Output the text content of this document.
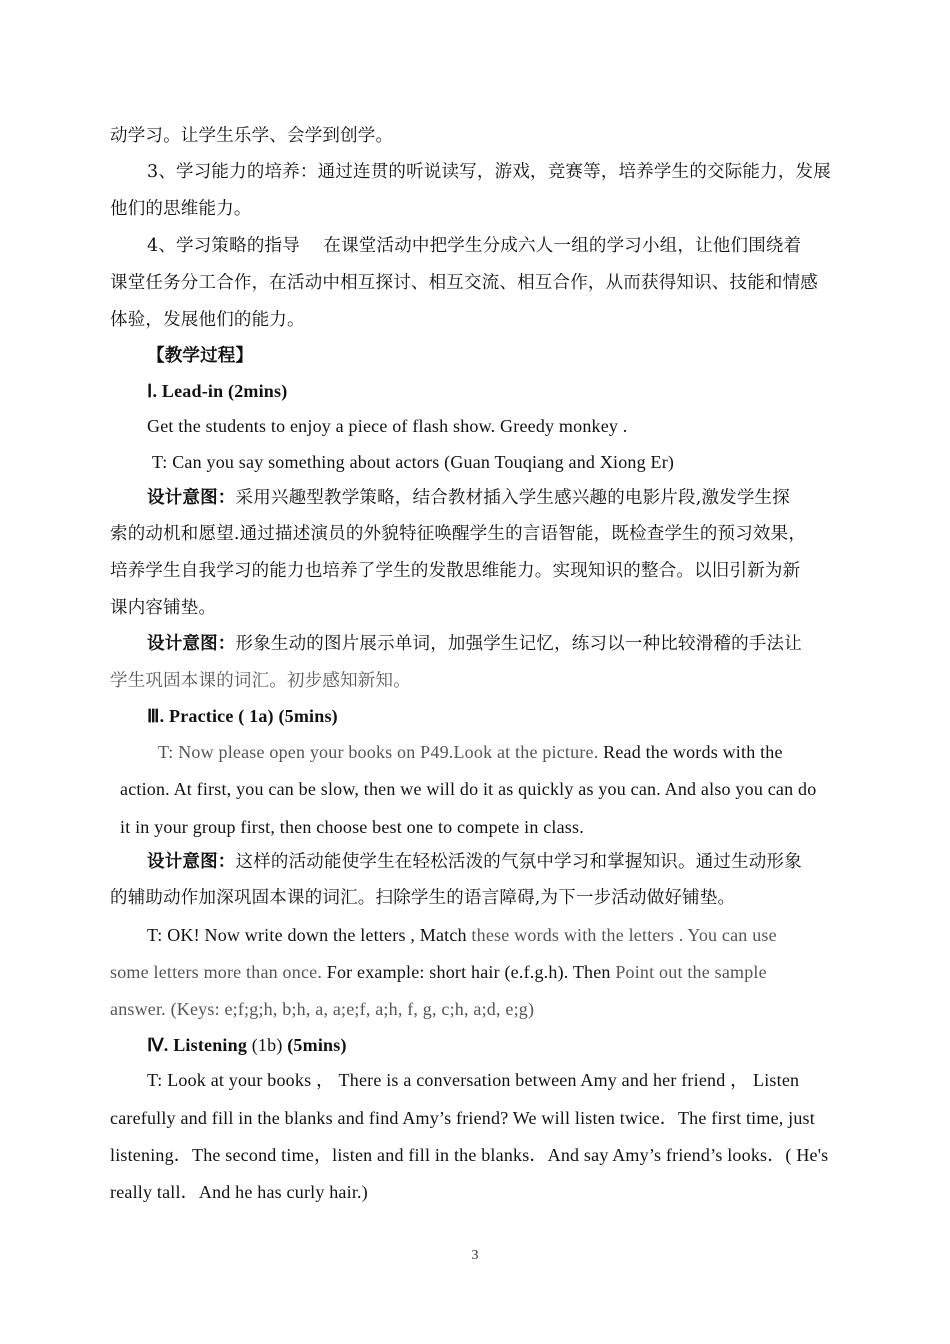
动学习。让学生乐学、会学到创学。
3、学习能力的培养：通过连贯的听说读写，游戏，竞赛等，培养学生的交际能力，发展
他们的思维能力。
4、学习策略的指导　 在课堂活动中把学生分成六人一组的学习小组，让他们围绕着
课堂任务分工合作，在活动中相互探讨、相互交流、相互合作，从而获得知识、技能和情感
体验，发展他们的能力。
【教学过程】
Ⅰ. Lead-in (2mins)
Get the students to enjoy a piece of flash show. Greedy monkey .
T: Can you say something about actors (Guan Touqiang and Xiong Er)
设计意图：采用兴趣型教学策略，结合教材插入学生感兴趣的电影片段,激发学生探
索的动机和愿望.通过描述演员的外貌特征唤醒学生的言语智能，既检查学生的预习效果，
培养学生自我学习的能力也培养了学生的发散思维能力。实现知识的整合。以旧引新为新
课内容铺垫。
设计意图：形象生动的图片展示单词，加强学生记忆，练习以一种比较滑稽的手法让
学生巩固本课的词汇。初步感知新知。
Ⅲ. Practice ( 1a) (5mins)
T: Now please open your books on P49.Look at the picture. Read the words with the
action. At first, you can be slow, then we will do it as quickly as you can. And also you can do
it in your group first, then choose best one to compete in class.
设计意图：这样的活动能使学生在轻松活泼的气氛中学习和掌握知识。通过生动形象
的辅助动作加深巩固本课的词汇。扫除学生的语言障碍,为下一步活动做好铺垫。
T: OK! Now write down the letters , Match these words with the letters . You can use
some letters more than once. For example: short hair (e.f.g.h). Then Point out the sample
answer. (Keys: e;f;g;h, b;h, a, a;e;f, a;h, f, g, c;h, a;d, e;g)
Ⅳ. Listening (1b) (5mins)
T: Look at your books ， There is a conversation between Amy and her friend ， Listen
carefully and fill in the blanks and find Amy’s friend? We will listen twice．The first time, just
listening．The second time，listen and fill in the blanks．And say Amy’s friend’s looks．( He's
really tall．And he has curly hair.)
3
